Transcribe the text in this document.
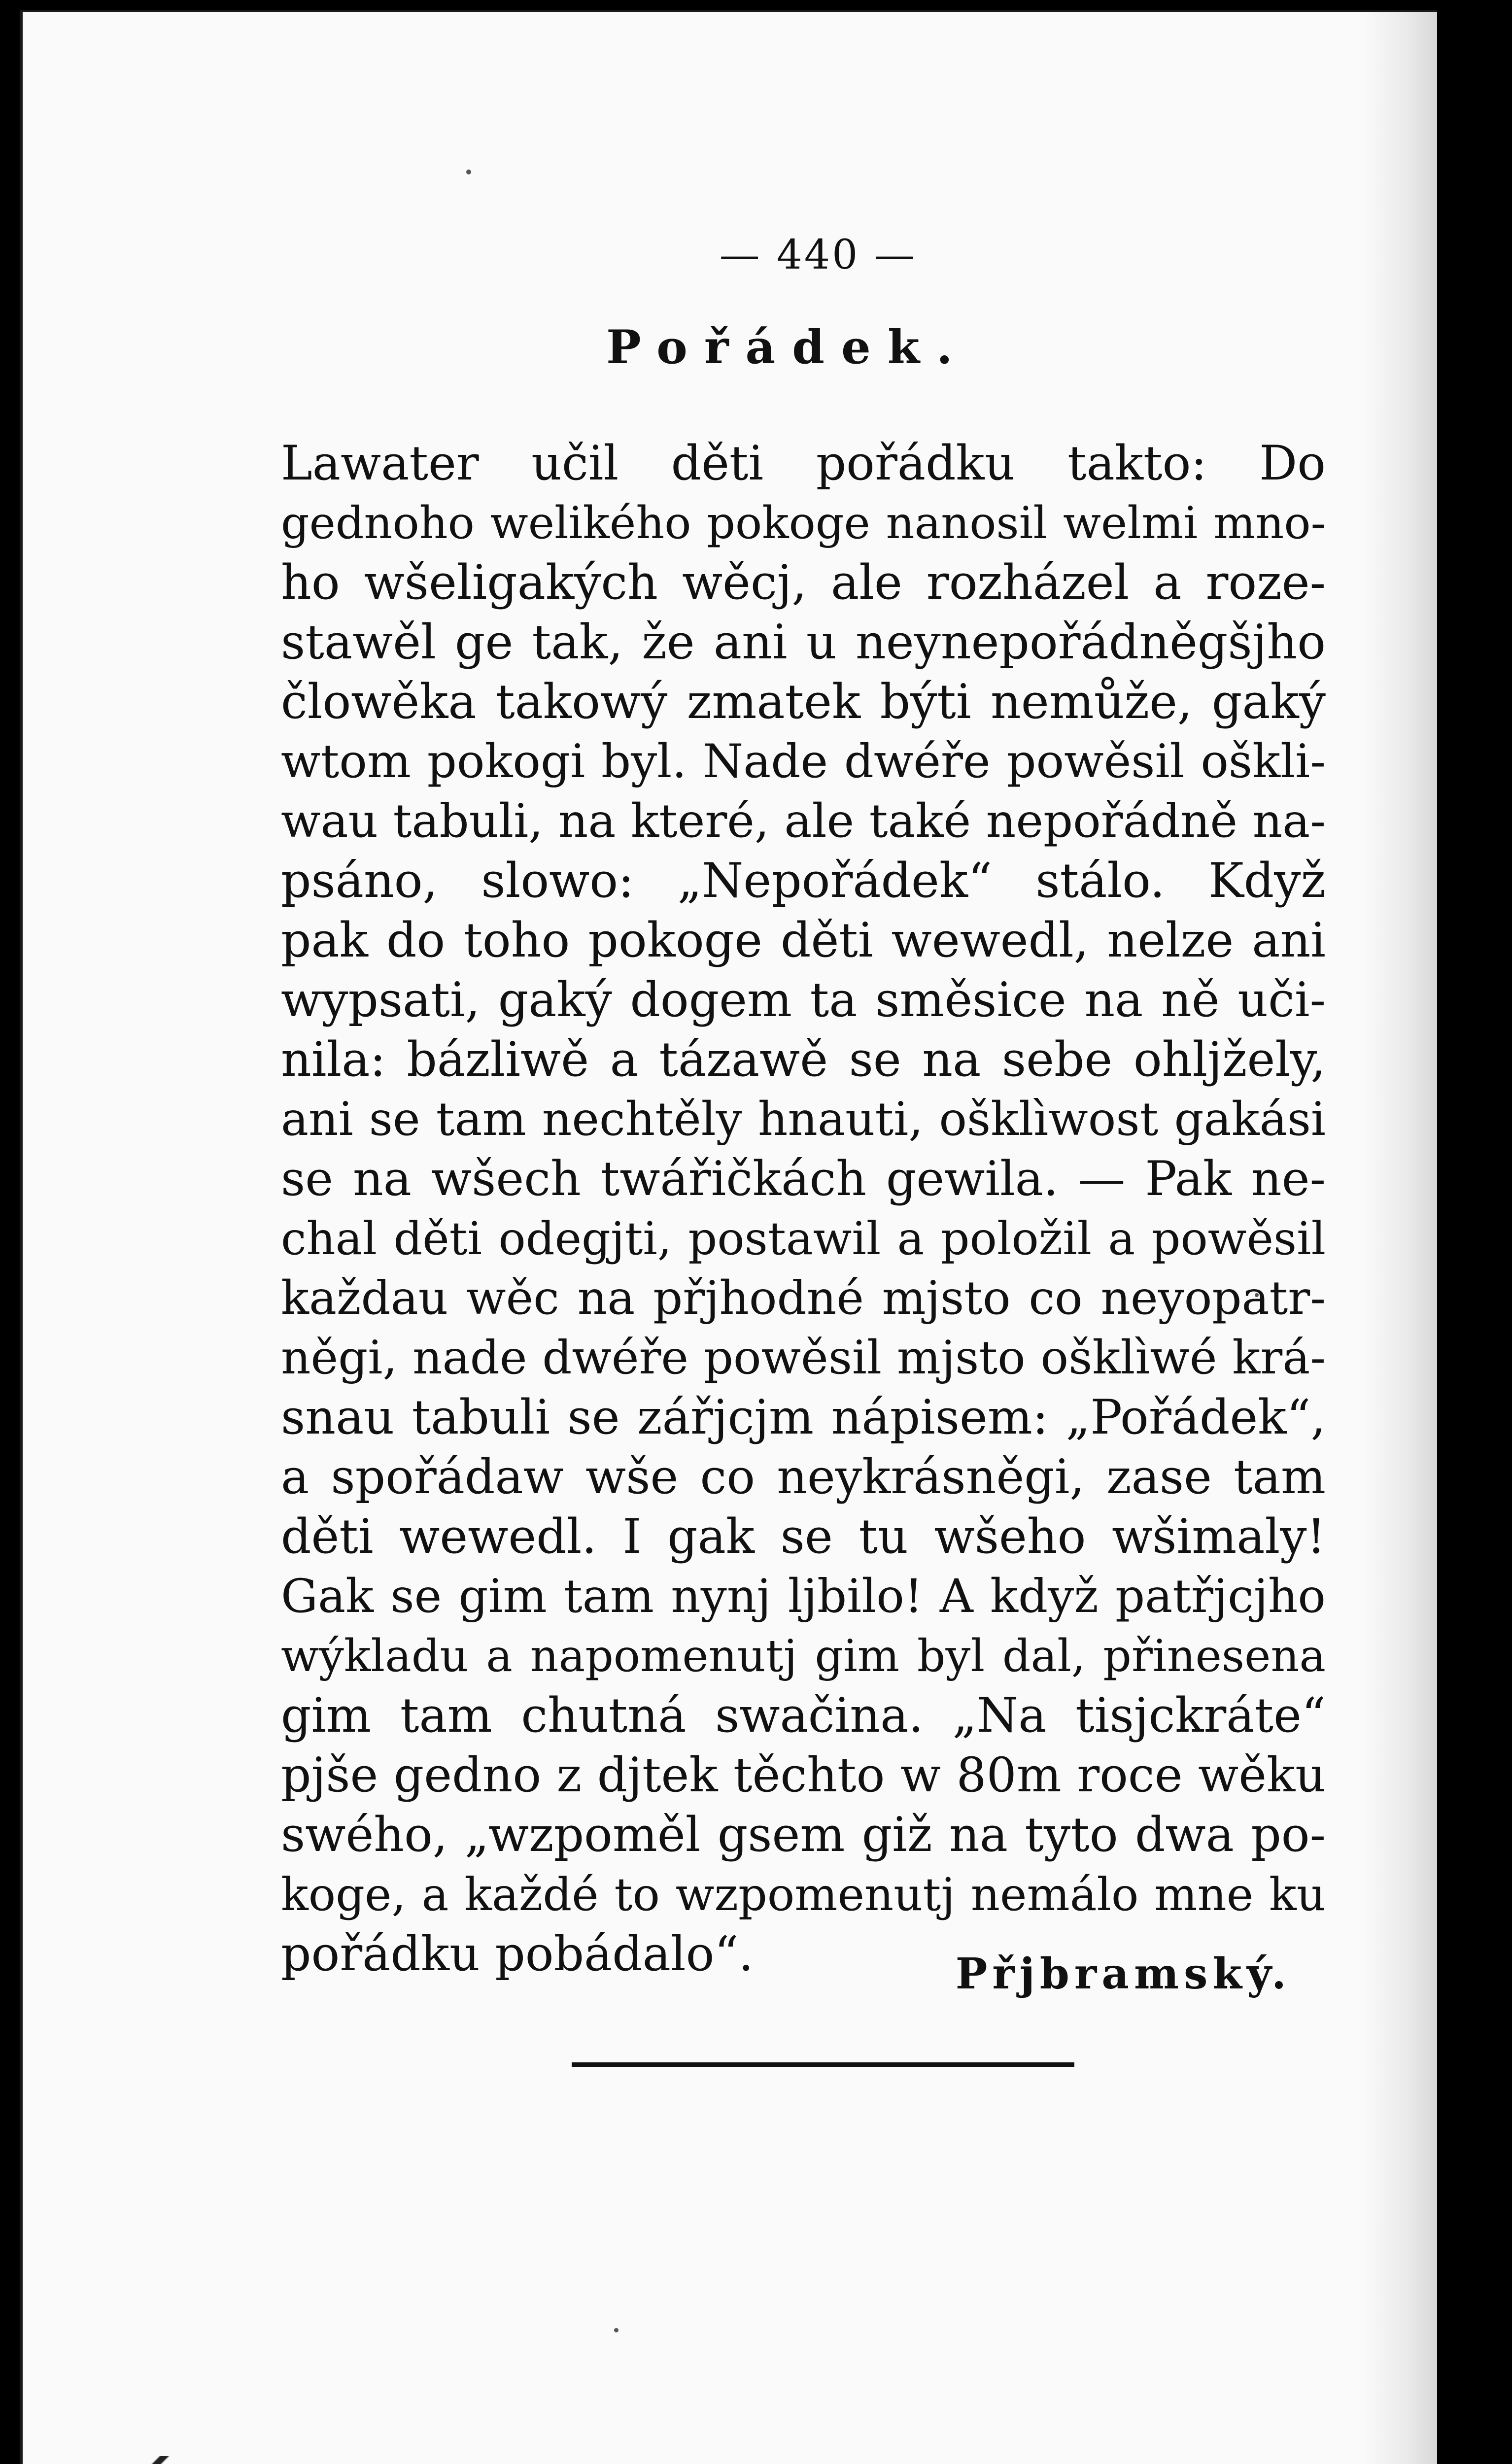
— 440 —
Pořádek.
Lawater učil děti pořádku takto: Do
gednoho welikého pokoge nanosil welmi mno-
ho wšeligakých wěcj, ale rozházel a roze-
stawěl ge tak, že ani u neynepořádněgšjho
člowěka takowý zmatek býti nemůže, gaký
wtom pokogi byl. Nade dwéře powěsil oškli-
wau tabuli, na které, ale také nepořádně na-
psáno, slowo: „Nepořádek“ stálo. Když
pak do toho pokoge děti wewedl, nelze ani
wypsati, gaký dogem ta směsice na ně uči-
nila: bázliwě a tázawě se na sebe ohljžely,
ani se tam nechtěly hnauti, ošklìwost gakási
se na wšech twářičkách gewila. — Pak ne-
chal děti odegjti, postawil a položil a powěsil
každau wěc na přjhodné mjsto co neyopatr-
něgi, nade dwéře powěsil mjsto ošklìwé krá-
snau tabuli se zářjcjm nápisem: „Pořádek“,
a spořádaw wše co neykrásněgi, zase tam
děti wewedl. I gak se tu wšeho wšimaly!
Gak se gim tam nynj ljbilo! A když patřjcjho
wýkladu a napomenutj gim byl dal, přinesena
gim tam chutná swačina. „Na tisjckráte“
pjše gedno z djtek těchto w 80m roce wěku
swého, „wzpoměl gsem giž na tyto dwa po-
koge, a každé to wzpomenutj nemálo mne ku
pořádku pobádalo“.	Přjbramský.
